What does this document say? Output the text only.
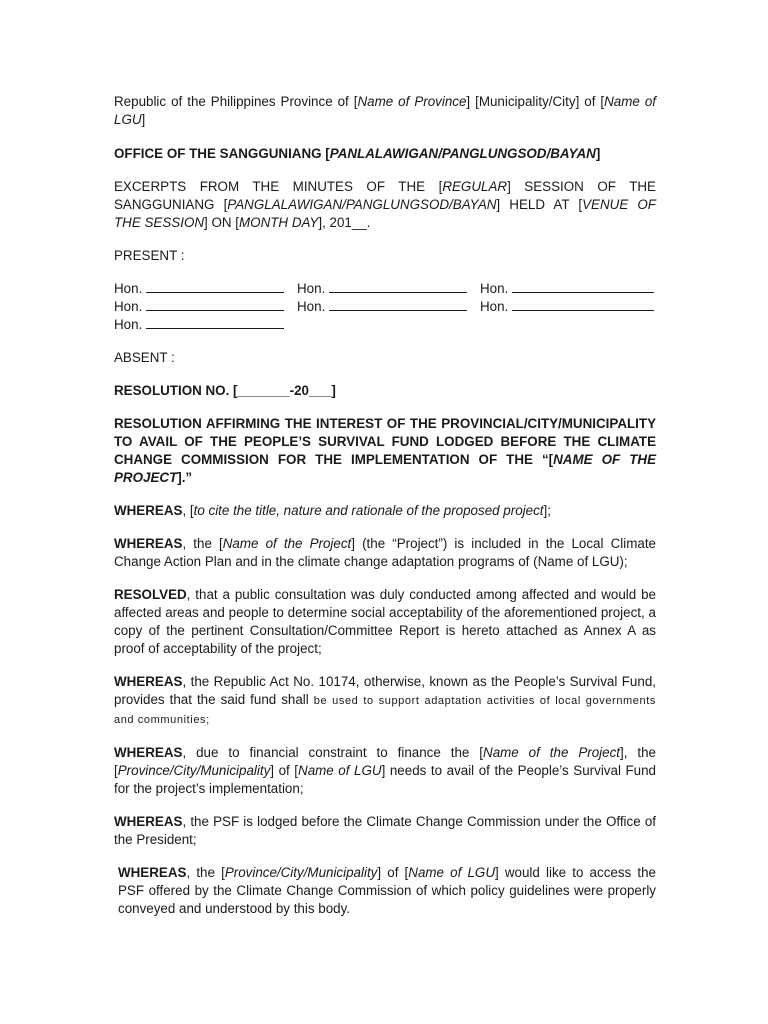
Republic of the Philippines Province of [Name of Province] [Municipality/City] of [Name of LGU]

OFFICE OF THE SANGGUNIANG [PANLALAWIGAN/PANGLUNGSOD/BAYAN]

EXCERPTS FROM THE MINUTES OF THE [REGULAR] SESSION OF THE SANGGUNIANG [PANGLALAWIGAN/PANGLUNGSOD/BAYAN] HELD AT [VENUE OF THE SESSION] ON [MONTH DAY], 201__.

PRESENT :

Hon.	Hon.	Hon.
Hon.	Hon.	Hon.
Hon.

ABSENT :

RESOLUTION NO. [_______-20___]

RESOLUTION AFFIRMING THE INTEREST OF THE PROVINCIAL/CITY/MUNICIPALITY TO AVAIL OF THE PEOPLE’S SURVIVAL FUND LODGED BEFORE THE CLIMATE CHANGE COMMISSION FOR THE IMPLEMENTATION OF THE “[NAME OF THE PROJECT].”

WHEREAS, [to cite the title, nature and rationale of the proposed project];

WHEREAS, the [Name of the Project] (the “Project”) is included in the Local Climate Change Action Plan and in the climate change adaptation programs of (Name of LGU);

RESOLVED, that a public consultation was duly conducted among affected and would be affected areas and people to determine social acceptability of the aforementioned project, a copy of the pertinent Consultation/Committee Report is hereto attached as Annex A as proof of acceptability of the project;

WHEREAS, the Republic Act No. 10174, otherwise, known as the People’s Survival Fund, provides that the said fund shall be used to support adaptation activities of local governments and communities;

WHEREAS, due to financial constraint to finance the [Name of the Project], the [Province/City/Municipality] of [Name of LGU] needs to avail of the People’s Survival Fund for the project’s implementation;

WHEREAS, the PSF is lodged before the Climate Change Commission under the Office of the President;

WHEREAS, the [Province/City/Municipality] of [Name of LGU] would like to access the PSF offered by the Climate Change Commission of which policy guidelines were properly conveyed and understood by this body.
